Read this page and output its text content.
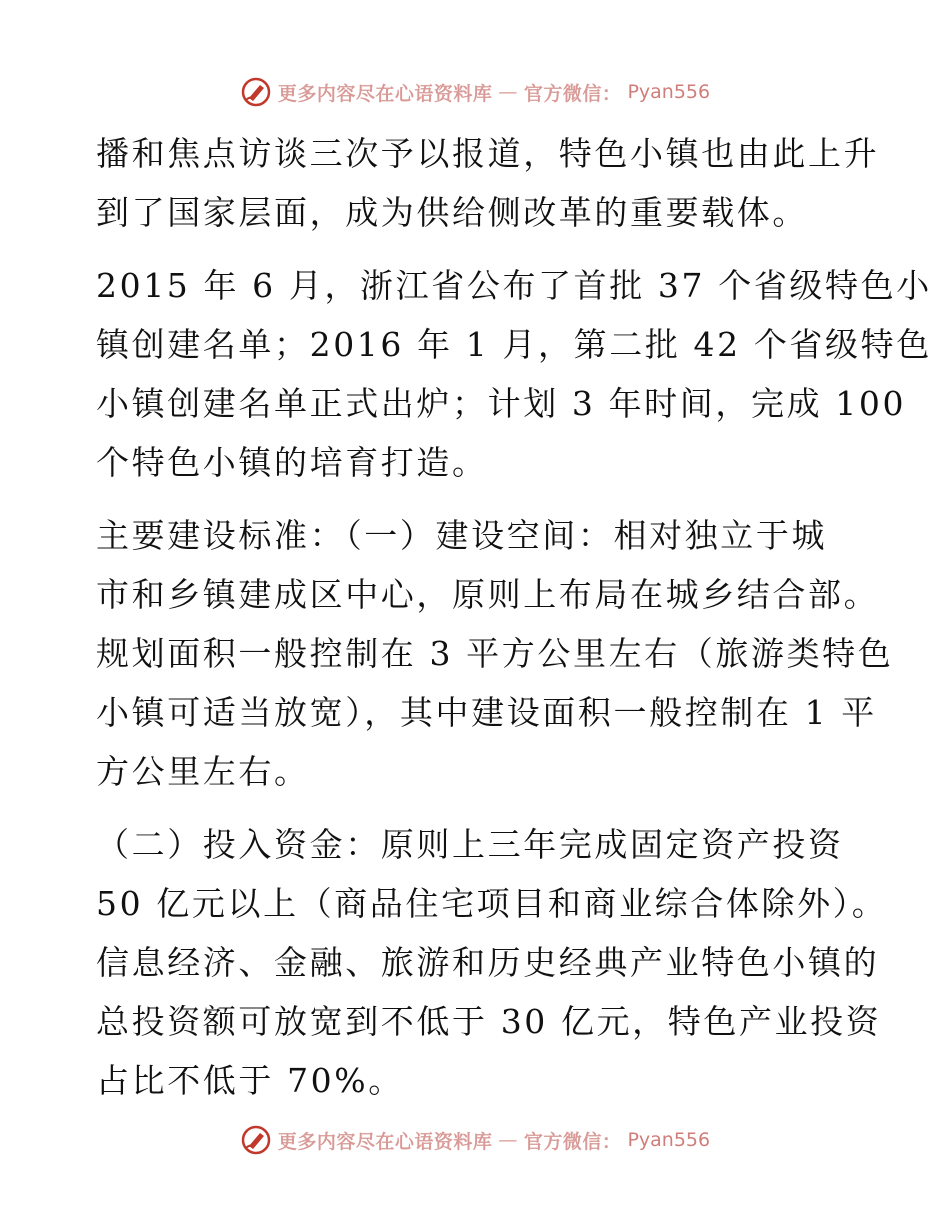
更多内容尽在心语资料库 — 官方微信： Pyan556
播和焦点访谈三次予以报道，特色小镇也由此上升
到了国家层面，成为供给侧改革的重要载体。
2015 年 6 月，浙江省公布了首批 37 个省级特色小
镇创建名单；2016 年 1 月，第二批 42 个省级特色
小镇创建名单正式出炉；计划 3 年时间，完成 100
个特色小镇的培育打造。
主要建设标准：（一）建设空间：相对独立于城
市和乡镇建成区中心，原则上布局在城乡结合部。
规划面积一般控制在 3 平方公里左右（旅游类特色
小镇可适当放宽），其中建设面积一般控制在 1 平
方公里左右。
（二）投入资金：原则上三年完成固定资产投资
50 亿元以上（商品住宅项目和商业综合体除外）。
信息经济、金融、旅游和历史经典产业特色小镇的
总投资额可放宽到不低于 30 亿元，特色产业投资
占比不低于 70%。
更多内容尽在心语资料库 — 官方微信： Pyan556
